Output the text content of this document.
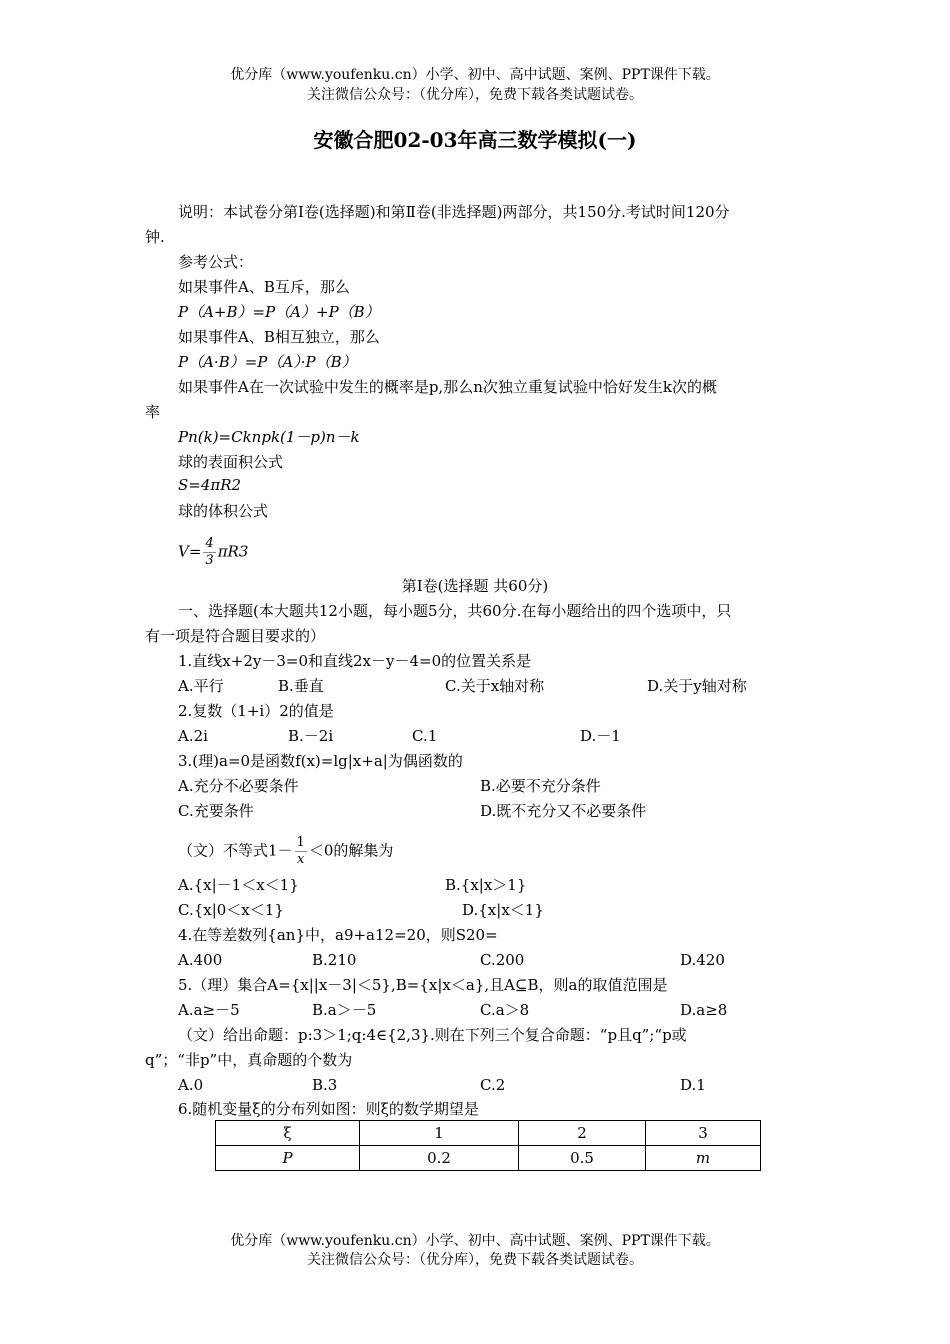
优分库（www.youfenku.cn）小学、初中、高中试题、案例、PPT课件下载。
关注微信公众号：（优分库），免费下载各类试题试卷。
安徽合肥02-03年高三数学模拟(一)
说明：本试卷分第Ⅰ卷(选择题)和第Ⅱ卷(非选择题)两部分，共150分.考试时间120分
钟.
参考公式：
如果事件A、B互斥，那么
P（A+B）=P（A）+P（B）
如果事件A、B相互独立，那么
P（A·B）=P（A）·P（B）
如果事件A在一次试验中发生的概率是p,那么n次独立重复试验中恰好发生k次的概
率
Pn(k)=Cknpk(1－p)n－k
球的表面积公式
S=4πR2
球的体积公式
$V= \frac{4}{3} \pi R3$
第Ⅰ卷(选择题 共60分)
一、选择题(本大题共12小题，每小题5分，共60分.在每小题给出的四个选项中，只
有一项是符合题目要求的）
1.直线x+2y－3=0和直线2x－y－4=0的位置关系是
A.平行	B.垂直	C.关于x轴对称	D.关于y轴对称
2.复数（1+i）2的值是
A.2i	B.－2i	C.1	D.－1
3.(理)a=0是函数f(x)=lg|x+a|为偶函数的
A.充分不必要条件	B.必要不充分条件
C.充要条件	D.既不充分又不必要条件
（文）不等式$1- \frac{1}{x} <0$的解集为
A.{x|－1＜x＜1}	B.{x|x＞1}
C.{x|0＜x＜1}	D.{x|x＜1}
4.在等差数列{an}中，a9+a12=20，则S20=
A.400	B.210	C.200	D.420
5.（理）集合A={x||x－3|＜5},B={x|x＜a},且A⊆B，则a的取值范围是
A.a≥－5	B.a＞－5	C.a＞8	D.a≥8
（文）给出命题：p:3＞1;q:4∈{2,3}.则在下列三个复合命题：“p且q”;“p或
q”；“非p”中，真命题的个数为
A.0	B.3	C.2	D.1
6.随机变量ξ的分布列如图：则ξ的数学期望是
ξ	1	2	3
P	0.2	0.5	m
优分库（www.youfenku.cn）小学、初中、高中试题、案例、PPT课件下载。
关注微信公众号：（优分库），免费下载各类试题试卷。
